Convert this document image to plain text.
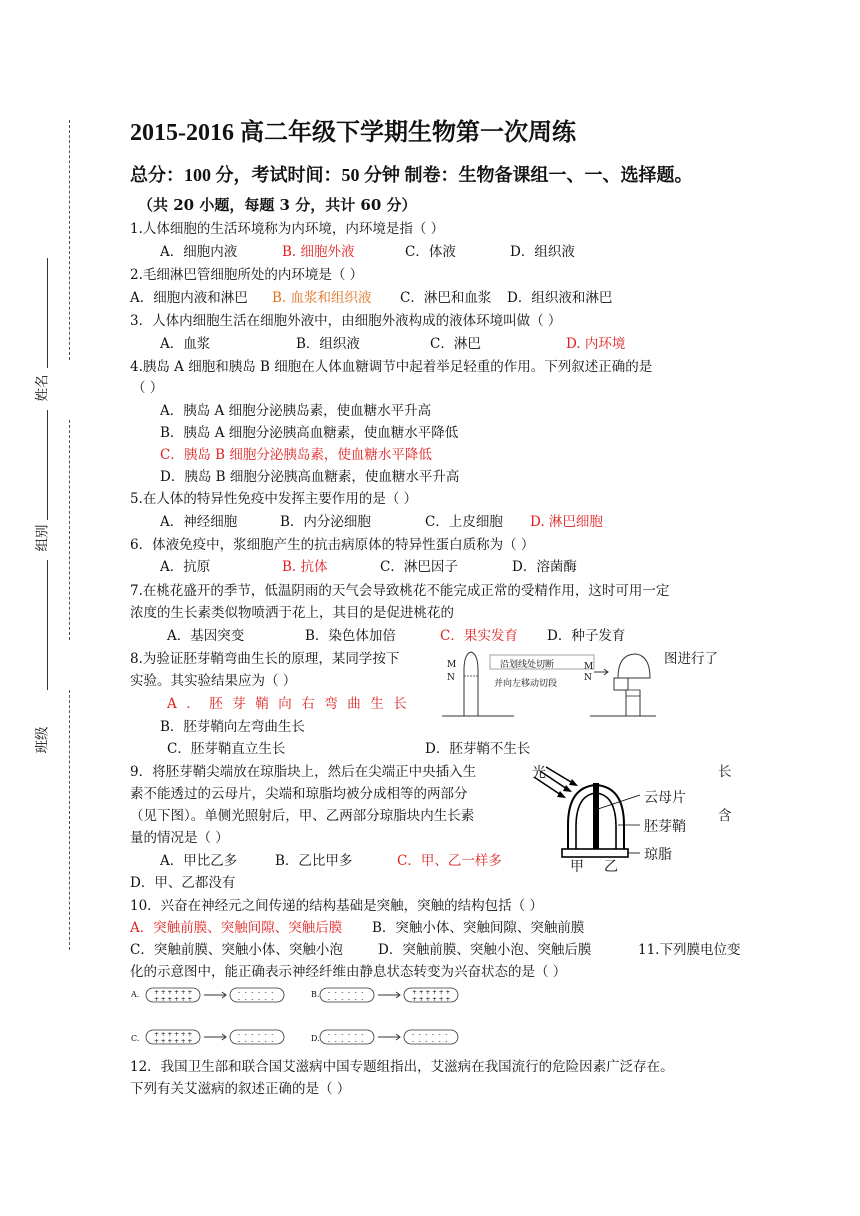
姓名
组别
班级
2015-2016 高二年级下学期生物第一次周练
总分：100 分，考试时间：50 分钟 制卷：生物备课组一、一、选择题。
（共 20 小题，每题 3 分，共计 60 分）
1.人体细胞的生活环境称为内环境，内环境是指（ ）
A．细胞内液	B. 细胞外液	C．体液	D．组织液
2.毛细淋巴管细胞所处的内环境是（ ）
A．细胞内液和淋巴 B. 血浆和组织液 C．淋巴和血浆 D．组织液和淋巴
3．人体内细胞生活在细胞外液中，由细胞外液构成的液体环境叫做（ ）
A．血浆	B．组织液	C．淋巴	D. 内环境
4.胰岛 A 细胞和胰岛 B 细胞在人体血糖调节中起着举足轻重的作用。下列叙述正确的是
（ ）
A．胰岛 A 细胞分泌胰岛素，使血糖水平升高
B．胰岛 A 细胞分泌胰高血糖素，使血糖水平降低
C．胰岛 B 细胞分泌胰岛素，使血糖水平降低
D．胰岛 B 细胞分泌胰高血糖素，使血糖水平升高
5.在人体的特异性免疫中发挥主要作用的是（ ）
A．神经细胞	B．内分泌细胞	C．上皮细胞 D. 淋巴细胞
6．体液免疫中，浆细胞产生的抗击病原体的特异性蛋白质称为（ ）
A．抗原	B. 抗体	C．淋巴因子	D．溶菌酶
7.在桃花盛开的季节，低温阴雨的天气会导致桃花不能完成正常的受精作用，这时可用一定
浓度的生长素类似物喷洒于花上，其目的是促进桃花的
A．基因突变	B．染色体加倍	C．果实发育 D．种子发育
8.为验证胚芽鞘弯曲生长的原理，某同学按下	图进行了
实验。其实验结果应为（ ）
A．胚芽鞘向右弯曲生长
B．胚芽鞘向左弯曲生长
C．胚芽鞘直立生长	D．胚芽鞘不生长
M
N
沿划线处切断
并向左移动切段
M
N
9．将胚芽鞘尖端放在琼脂块上，然后在尖端正中央插入生	长
素不能透过的云母片，尖端和琼脂均被分成相等的两部分
（见下图）。单侧光照射后，甲、乙两部分琼脂块内生长素	含
量的情况是（ ）
A．甲比乙多	B．乙比甲多	C．甲、乙一样多
D．甲、乙都没有
光
云母片
胚芽鞘
琼脂
甲 乙
10．兴奋在神经元之间传递的结构基础是突触，突触的结构包括（ ）
A．突触前膜、突触间隙、突触后膜 B．突触小体、突触间隙、突触前膜
C．突触前膜、突触小体、突触小泡	D．突触前膜、突触小泡、突触后膜	11.下列膜电位变
化的示意图中，能正确表示神经纤维由静息状态转变为兴奋状态的是（ ）
A.	B.
C.	D.
+
+
+
+
+
+
+
+
+
+
+
+
-
-
-
-
-
-
-
-
-
-
-
-
-
-
-
-
-
-
-
-
-
-
-
-
+
+
+
+
+
+
+
+
+
+
+
+
+
+
+
+
+
+
+
+
+
+
+
+
-
-
-
-
-
-
-
-
-
-
-
-
-
-
-
-
-
-
-
-
-
-
-
-
-
-
-
-
-
-
-
-
-
-
-
-
12．我国卫生部和联合国艾滋病中国专题组指出，艾滋病在我国流行的危险因素广泛存在。
下列有关艾滋病的叙述正确的是（ ）
